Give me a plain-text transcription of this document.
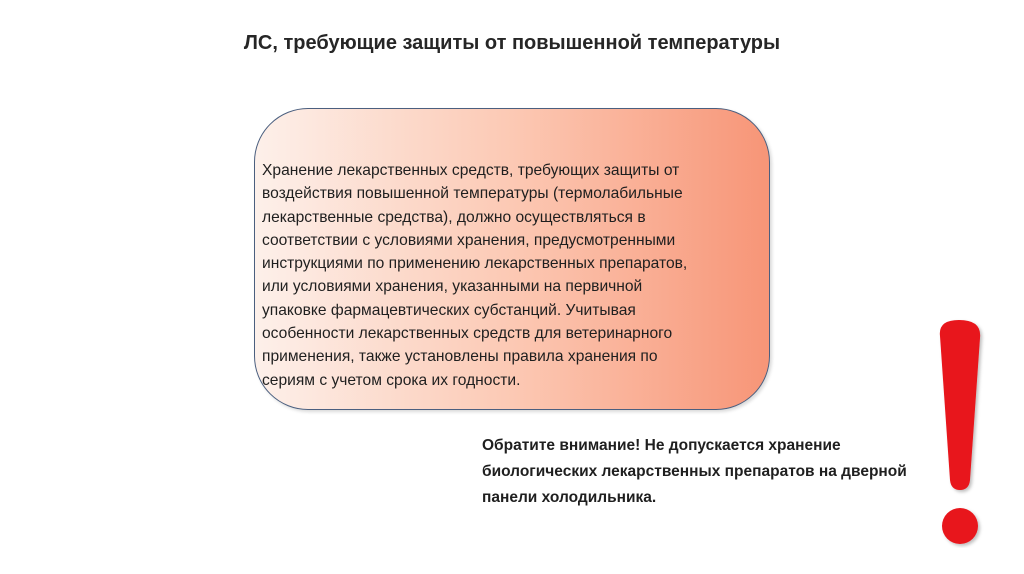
ЛС, требующие защиты от повышенной температуры
Хранение лекарственных средств, требующих защиты от
воздействия повышенной температуры (термолабильные
лекарственные средства), должно осуществляться в
соответствии с условиями хранения, предусмотренными
инструкциями по применению лекарственных препаратов,
или условиями хранения, указанными на первичной
упаковке фармацевтических субстанций. Учитывая
особенности лекарственных средств для ветеринарного
применения, также установлены правила хранения по
сериям с учетом срока их годности.
Обратите внимание! Не допускается хранение
биологических лекарственных препаратов на дверной
панели холодильника.
